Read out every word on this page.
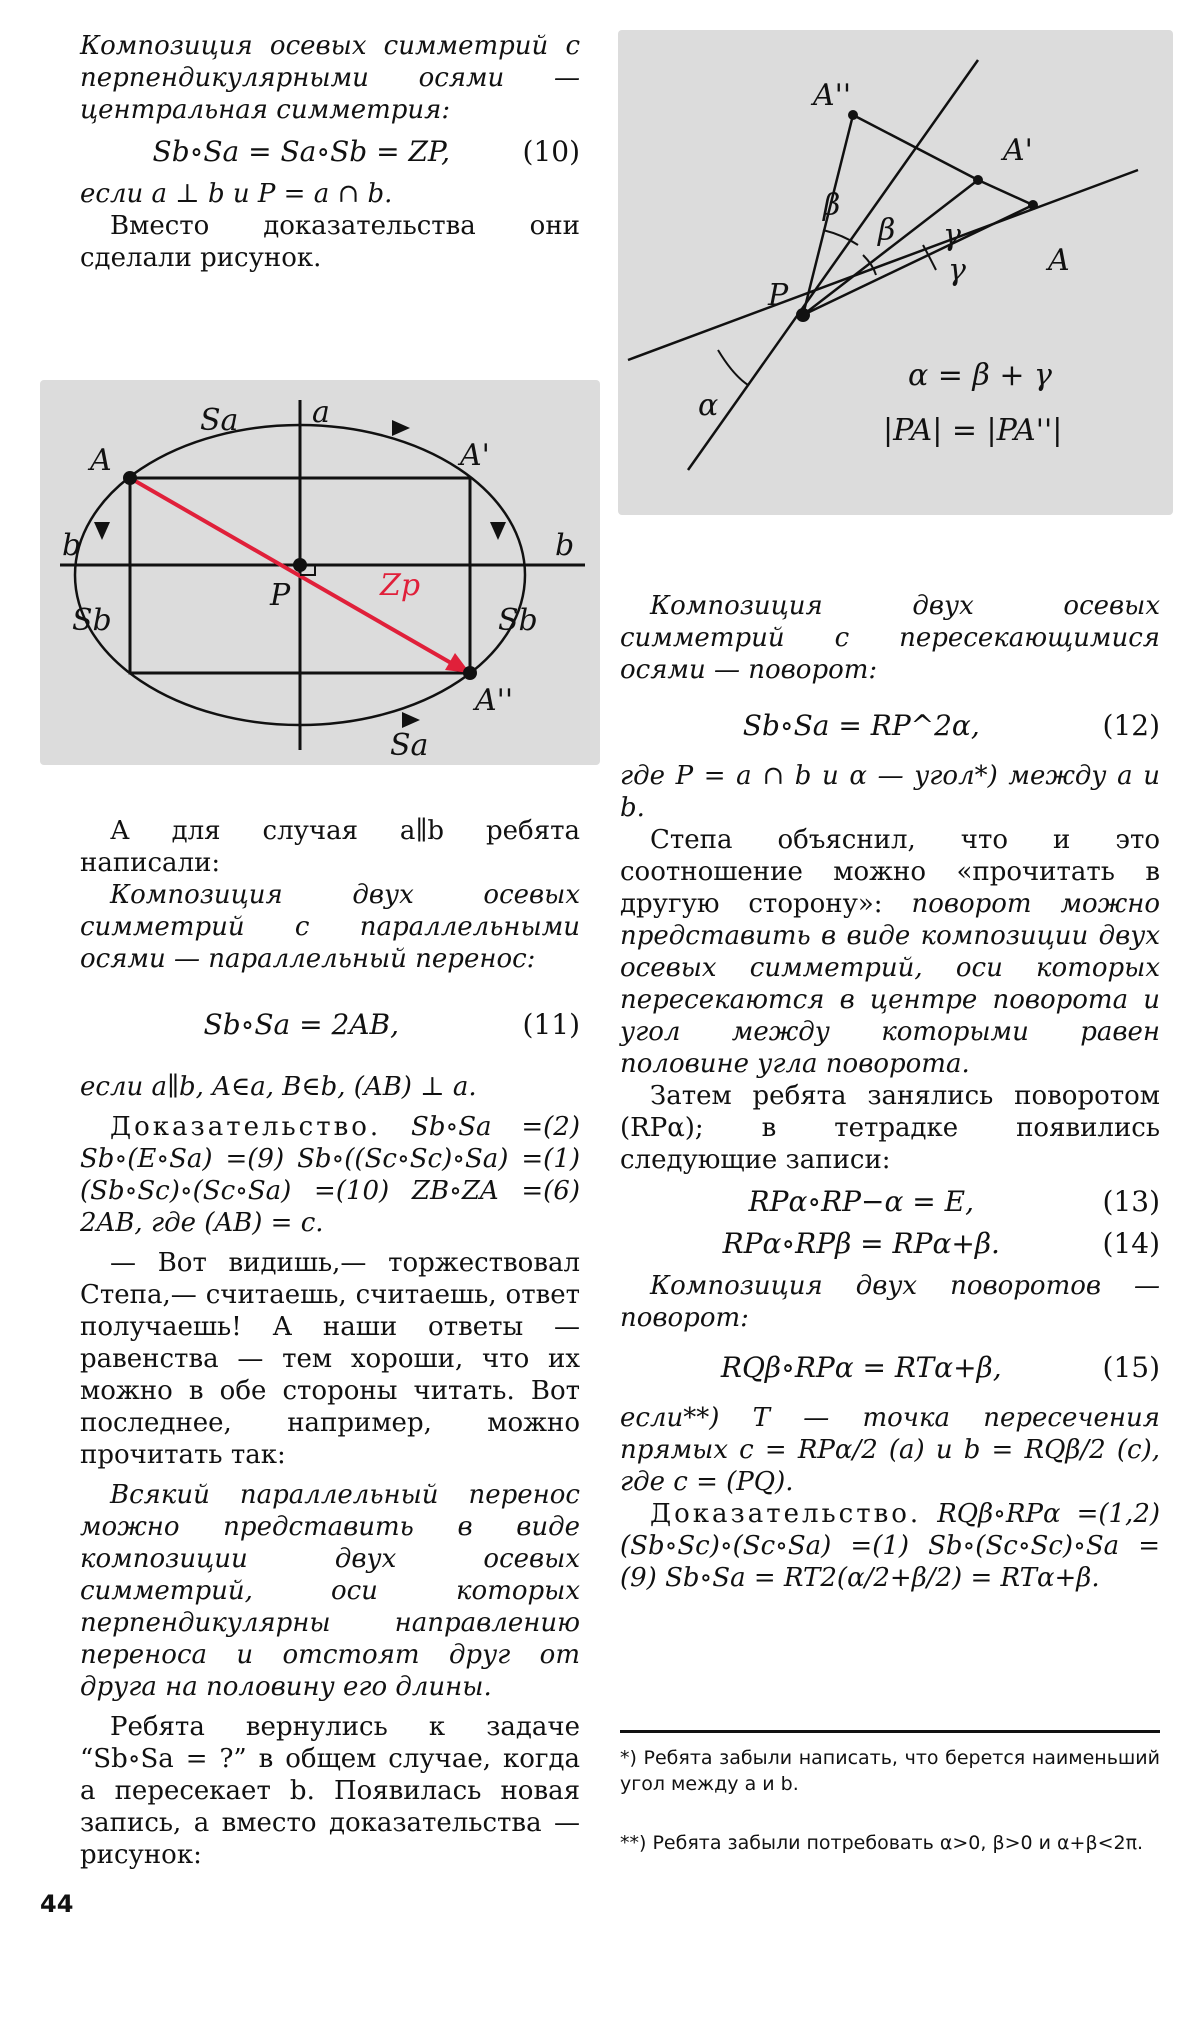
Композиция осевых симметрий с перпендикулярными осями — центральная симметрия:

Sb∘Sa = Sa∘Sb = ZP,	(10)

если a ⊥ b и P = a ∩ b.

Вместо доказательства они сделали рисунок.

А для случая a∥b ребята написали:

Композиция двух осевых симметрий с параллельными осями — параллельный перенос:

Sb∘Sa = 2AB,	(11)

если a∥b, A∈a, B∈b, (AB) ⊥ a.

Доказательство. Sb∘Sa =(2) Sb∘(E∘Sa) =(9) Sb∘((Sc∘Sc)∘Sa) =(1) (Sb∘Sc)∘(Sc∘Sa) =(10) ZB∘ZA =(6) 2AB, где (AB) = c.

— Вот видишь,— торжествовал Степа,— считаешь, считаешь, ответ получаешь! А наши ответы — равенства — тем хороши, что их можно в обе стороны читать. Вот последнее, например, можно прочитать так:

Всякий параллельный перенос можно представить в виде композиции двух осевых симметрий, оси которых перпендикулярны направлению переноса и отстоят друг от друга на половину его длины.

Ребята вернулись к задаче “Sb∘Sa = ?” в общем случае, когда a пересекает b. Появилась новая запись, а вместо доказательства — рисунок:

Sa a
A	A'
b	b
P	Zp
Sb	Sb
A''
Sa
A''
A'
A
P
β
β γ
γ
α
α = β + γ
|PA| = |PA''|

Композиция двух осевых симметрий с пересекающимися осями — поворот:

Sb∘Sa = RP^2α,	(12)

где P = a ∩ b и α — угол*) между a и b.

Степа объяснил, что и это соотношение можно «прочитать в другую сторону»: поворот можно представить в виде композиции двух осевых симметрий, оси которых пересекаются в центре поворота и угол между которыми равен половине угла поворота.

Затем ребята занялись поворотом (RPα); в тетрадке появились следующие записи:

RPα∘RP−α = E,	(13)
RPα∘RPβ = RPα+β.	(14)

Композиция двух поворотов — поворот:

RQβ∘RPα = RTα+β,	(15)

если**) T — точка пересечения прямых c = RPα/2 (a) и b = RQβ/2 (c), где c = (PQ).

Доказательство. RQβ∘RPα =(1,2) (Sb∘Sc)∘(Sc∘Sa) =(1) Sb∘(Sc∘Sc)∘Sa =(9) Sb∘Sa = RT2(α/2+β/2) = RTα+β.

*) Ребята забыли написать, что берется наименьший угол между a и b.

**) Ребята забыли потребовать α>0, β>0 и α+β<2π.

44
